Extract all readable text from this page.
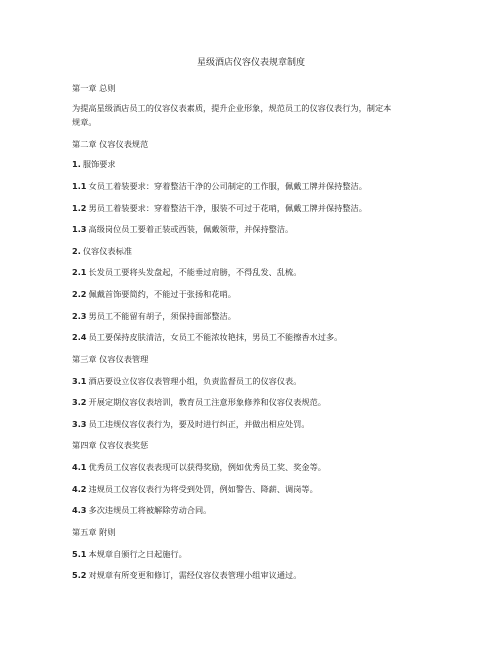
星级酒店仪容仪表规章制度
第一章 总则
为提高星级酒店员工的仪容仪表素质，提升企业形象，规范员工的仪容仪表行为，制定本
规章。
第二章 仪容仪表规范
1. 服饰要求
1.1 女员工着装要求：穿着整洁干净的公司制定的工作服，佩戴工牌并保持整洁。
1.2 男员工着装要求：穿着整洁干净，服装不可过于花哨，佩戴工牌并保持整洁。
1.3 高级岗位员工要着正装或西装，佩戴领带，并保持整洁。
2. 仪容仪表标准
2.1 长发员工要将头发盘起，不能垂过肩膀，不得乱发、乱梳。
2.2 佩戴首饰要简约，不能过于张扬和花哨。
2.3 男员工不能留有胡子，须保持面部整洁。
2.4 员工要保持皮肤清洁，女员工不能浓妆艳抹，男员工不能擦香水过多。
第三章 仪容仪表管理
3.1 酒店要设立仪容仪表管理小组，负责监督员工的仪容仪表。
3.2 开展定期仪容仪表培训，教育员工注意形象修养和仪容仪表规范。
3.3 员工违规仪容仪表行为，要及时进行纠正，并做出相应处罚。
第四章 仪容仪表奖惩
4.1 优秀员工仪容仪表表现可以获得奖励，例如优秀员工奖、奖金等。
4.2 违规员工仪容仪表行为将受到处罚，例如警告、降薪、调岗等。
4.3 多次违规员工将被解除劳动合同。
第五章 附则
5.1 本规章自颁行之日起施行。
5.2 对规章有所变更和修订，需经仪容仪表管理小组审议通过。
